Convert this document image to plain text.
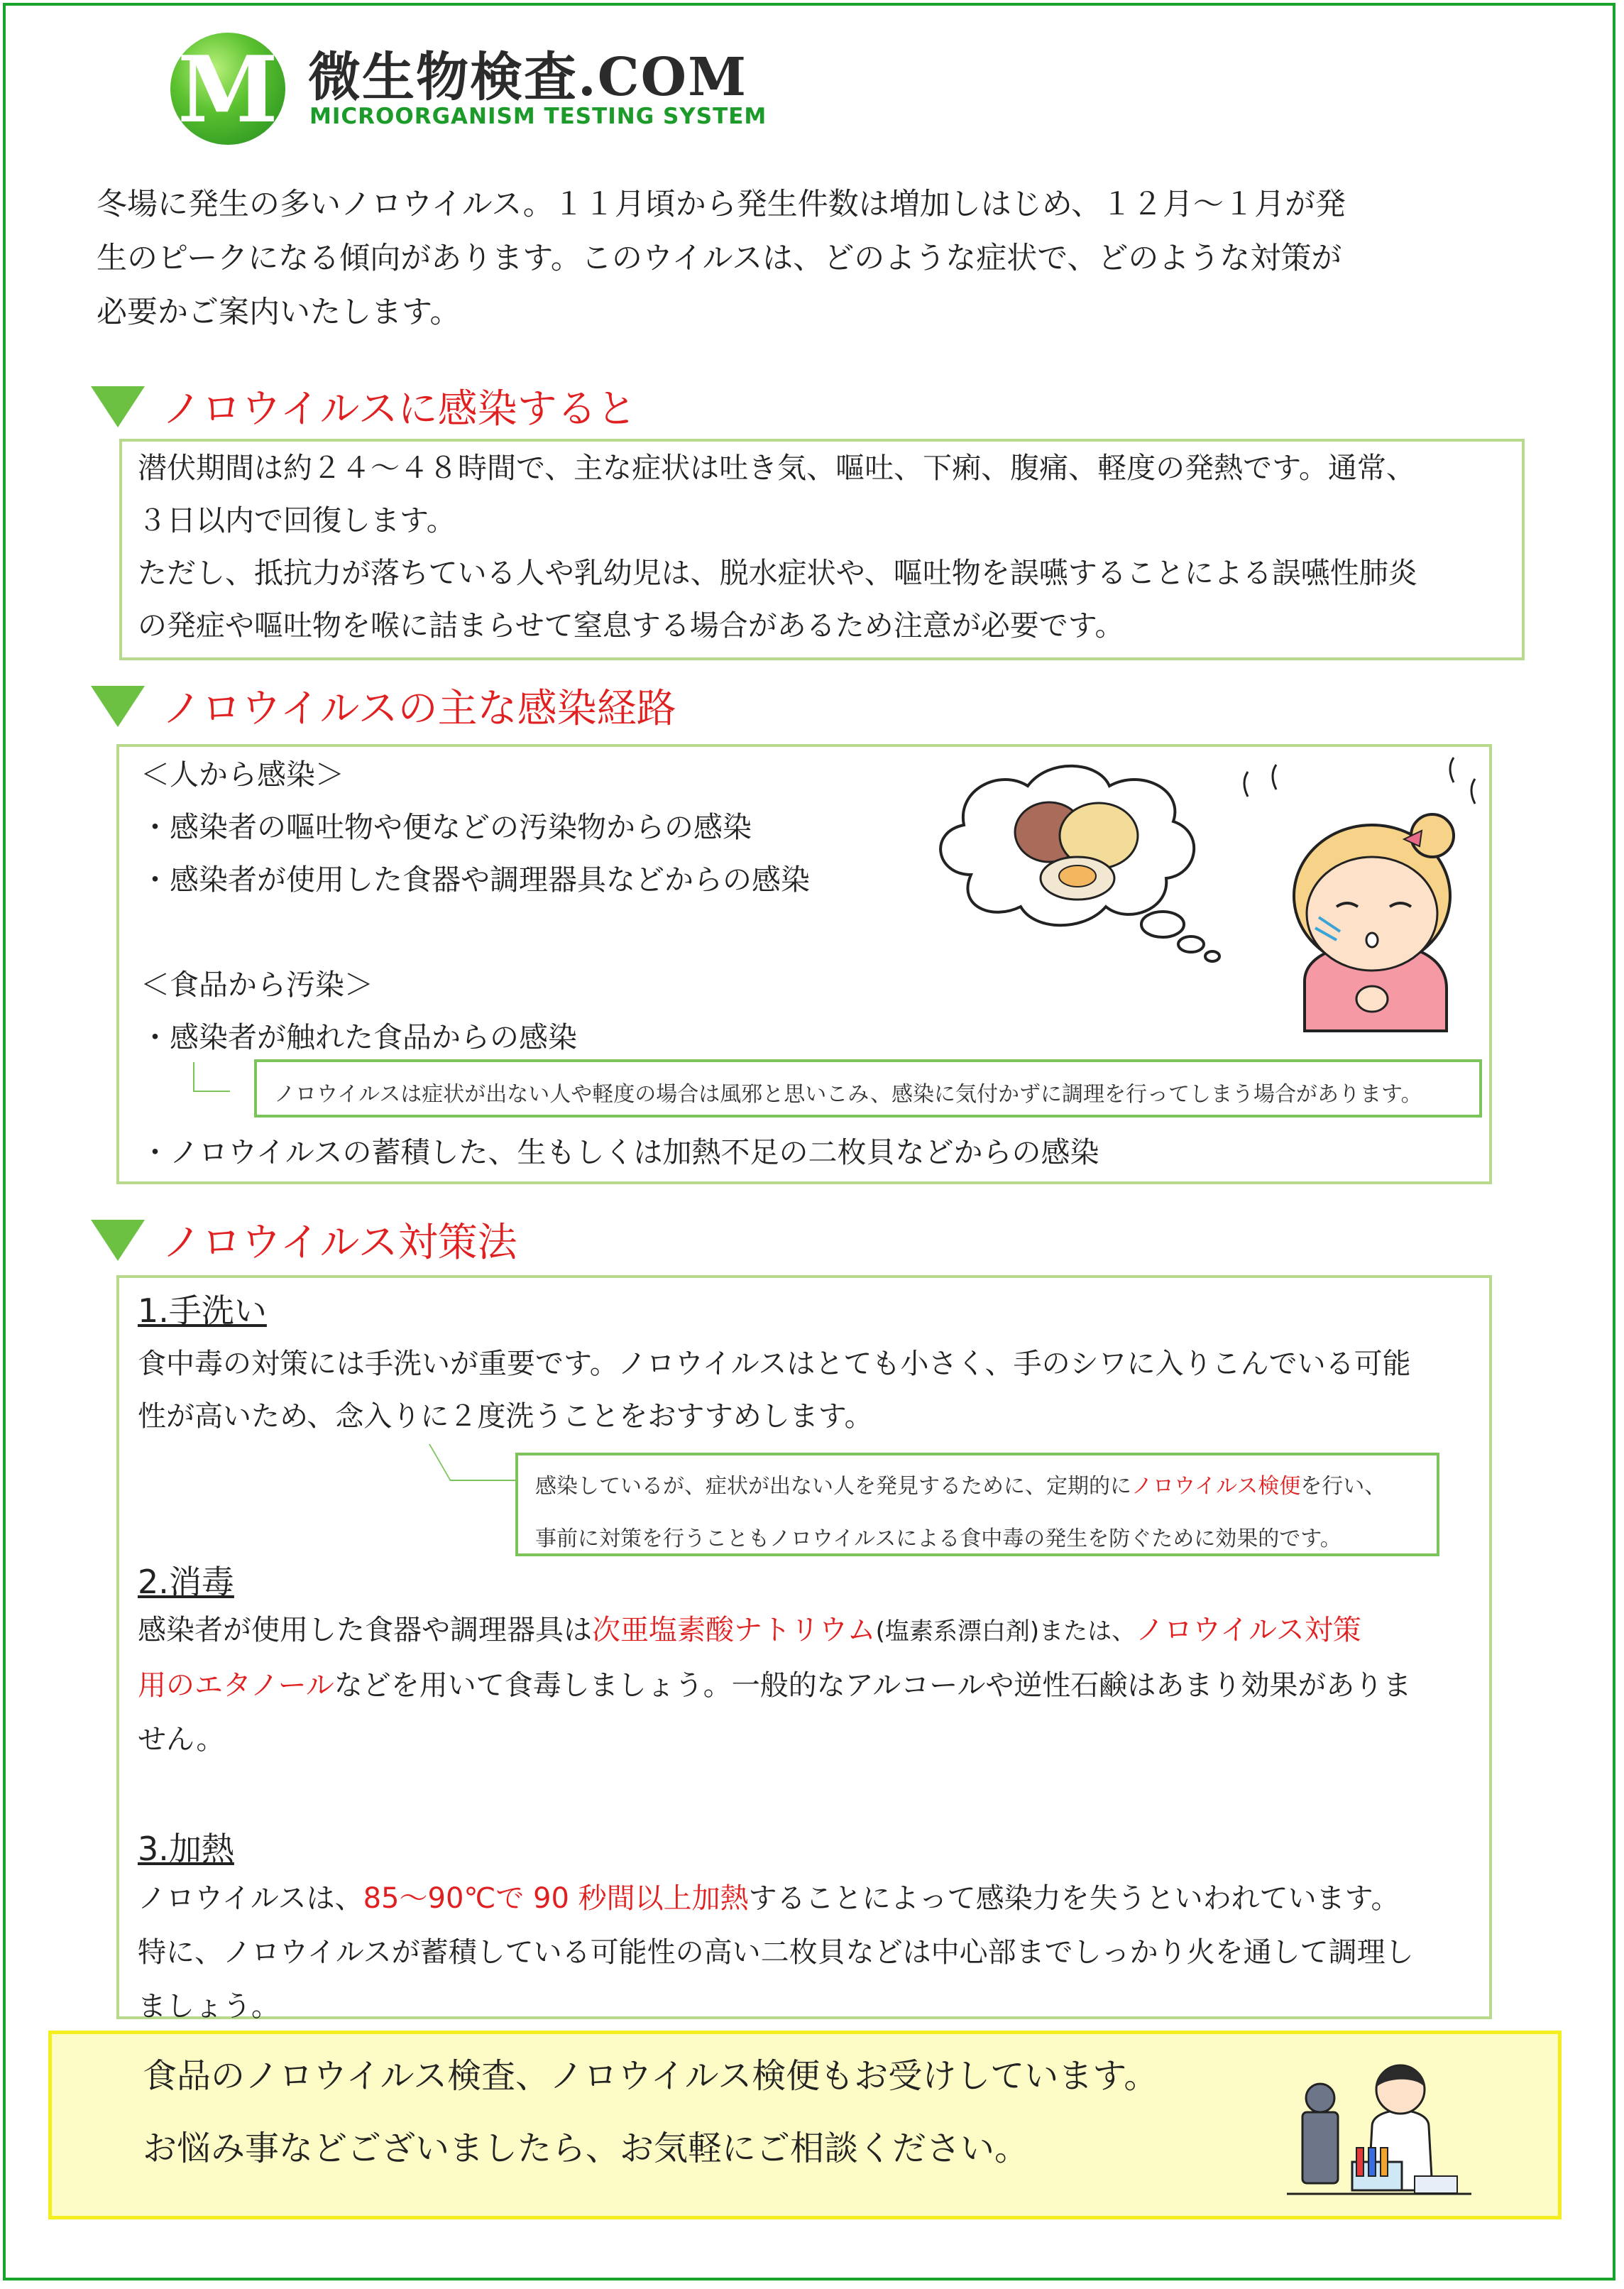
M 微生物検査.COM
MICROORGANISM TESTING SYSTEM
冬場に発生の多いノロウイルス。１１月頃から発生件数は増加しはじめ、１２月～１月が発
生のピークになる傾向があります。このウイルスは、どのような症状で、どのような対策が
必要かご案内いたします。
ノロウイルスに感染すると
潜伏期間は約２４～４８時間で、主な症状は吐き気、嘔吐、下痢、腹痛、軽度の発熱です。通常、
３日以内で回復します。
ただし、抵抗力が落ちている人や乳幼児は、脱水症状や、嘔吐物を誤嚥することによる誤嚥性肺炎
の発症や嘔吐物を喉に詰まらせて窒息する場合があるため注意が必要です。
ノロウイルスの主な感染経路
＜人から感染＞
・感染者の嘔吐物や便などの汚染物からの感染
・感染者が使用した食器や調理器具などからの感染
＜食品から汚染＞
・感染者が触れた食品からの感染
ノロウイルスは症状が出ない人や軽度の場合は風邪と思いこみ、感染に気付かずに調理を行ってしまう場合があります。
・ノロウイルスの蓄積した、生もしくは加熱不足の二枚貝などからの感染
ノロウイルス対策法
1.手洗い
食中毒の対策には手洗いが重要です。ノロウイルスはとても小さく、手のシワに入りこんでいる可能
性が高いため、念入りに２度洗うことをおすすめします。
感染しているが、症状が出ない人を発見するために、定期的にノロウイルス検便を行い、
事前に対策を行うこともノロウイルスによる食中毒の発生を防ぐために効果的です。
2.消毒
感染者が使用した食器や調理器具は次亜塩素酸ナトリウム(塩素系漂白剤)または、ノロウイルス対策
用のエタノールなどを用いて食毒しましょう。一般的なアルコールや逆性石鹸はあまり効果がありま
せん。
3.加熱
ノロウイルスは、85～90℃で 90 秒間以上加熱することによって感染力を失うといわれています。
特に、ノロウイルスが蓄積している可能性の高い二枚貝などは中心部までしっかり火を通して調理し
ましょう。
食品のノロウイルス検査、ノロウイルス検便もお受けしています。
お悩み事などございましたら、お気軽にご相談ください。
